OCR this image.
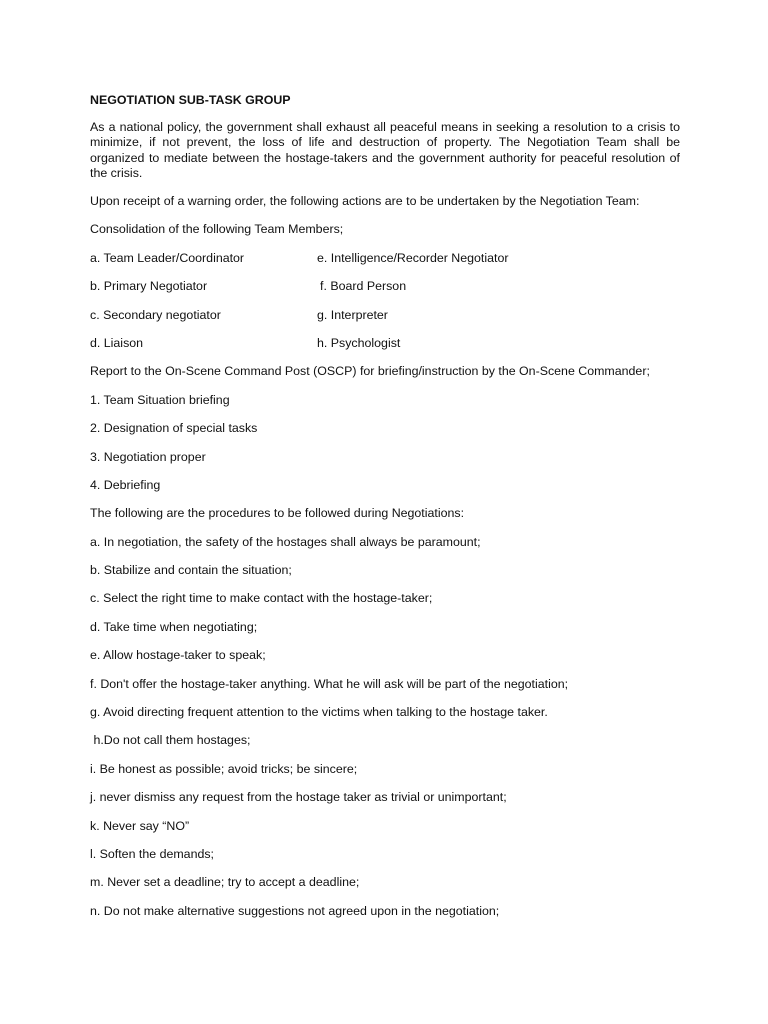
NEGOTIATION SUB-TASK GROUP
As a national policy, the government shall exhaust all peaceful means in seeking a resolution to a crisis to minimize, if not prevent, the loss of life and destruction of property. The Negotiation Team shall be organized to mediate between the hostage-takers and the government authority for peaceful resolution of the crisis.
Upon receipt of a warning order, the following actions are to be undertaken by the Negotiation Team:
Consolidation of the following Team Members;
a. Team Leader/Coordinator	e. Intelligence/Recorder Negotiator
b. Primary Negotiator	f. Board Person
c. Secondary negotiator	g. Interpreter
d. Liaison	h. Psychologist
Report to the On-Scene Command Post (OSCP) for briefing/instruction by the On-Scene Commander;
1. Team Situation briefing
2. Designation of special tasks
3. Negotiation proper
4. Debriefing
The following are the procedures to be followed during Negotiations:
a. In negotiation, the safety of the hostages shall always be paramount;
b. Stabilize and contain the situation;
c. Select the right time to make contact with the hostage-taker;
d. Take time when negotiating;
e. Allow hostage-taker to speak;
f. Don't offer the hostage-taker anything. What he will ask will be part of the negotiation;
g. Avoid directing frequent attention to the victims when talking to the hostage taker.
h.Do not call them hostages;
i. Be honest as possible; avoid tricks; be sincere;
j. never dismiss any request from the hostage taker as trivial or unimportant;
k. Never say “NO”
l. Soften the demands;
m. Never set a deadline; try to accept a deadline;
n. Do not make alternative suggestions not agreed upon in the negotiation;
